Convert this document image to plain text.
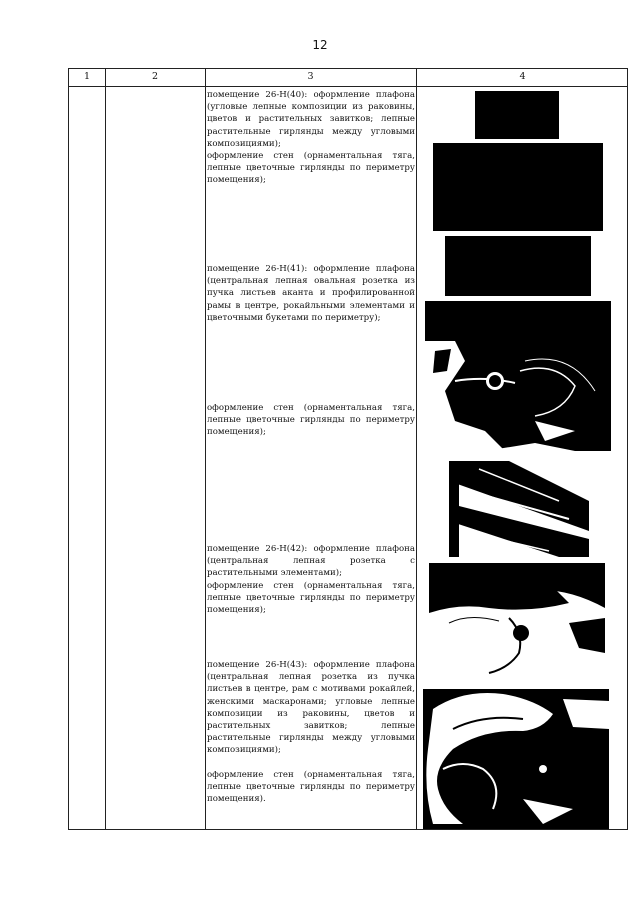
12
1	2	3	4

помещение 26-Н(40): оформление плафона (угловые лепные композиции из раковины, цветов и растительных завитков; лепные растительные гирлянды между угловыми композициями);

оформление стен (орнаментальная тяга, лепные цветочные гирлянды по периметру помещения);

помещение 26-Н(41): оформление плафона (центральная лепная овальная розетка из пучка листьев аканта и профилированной рамы в центре, рокайльными элементами и цветочными букетами по периметру);

оформление стен (орнаментальная тяга, лепные цветочные гирлянды по периметру помещения);

помещение 26-Н(42): оформление плафона (центральная лепная розетка с растительными элементами);

оформление стен (орнаментальная тяга, лепные цветочные гирлянды по периметру помещения);

помещение 26-Н(43): оформление плафона (центральная лепная розетка из пучка листьев в центре, рам с мотивами рокайлей, женскими маскаронами; угловые лепные композиции из раковины, цветов и растительных завитков; лепные растительные гирлянды между угловыми композициями);

оформление стен (орнаментальная тяга, лепные цветочные гирлянды по периметру помещения).
